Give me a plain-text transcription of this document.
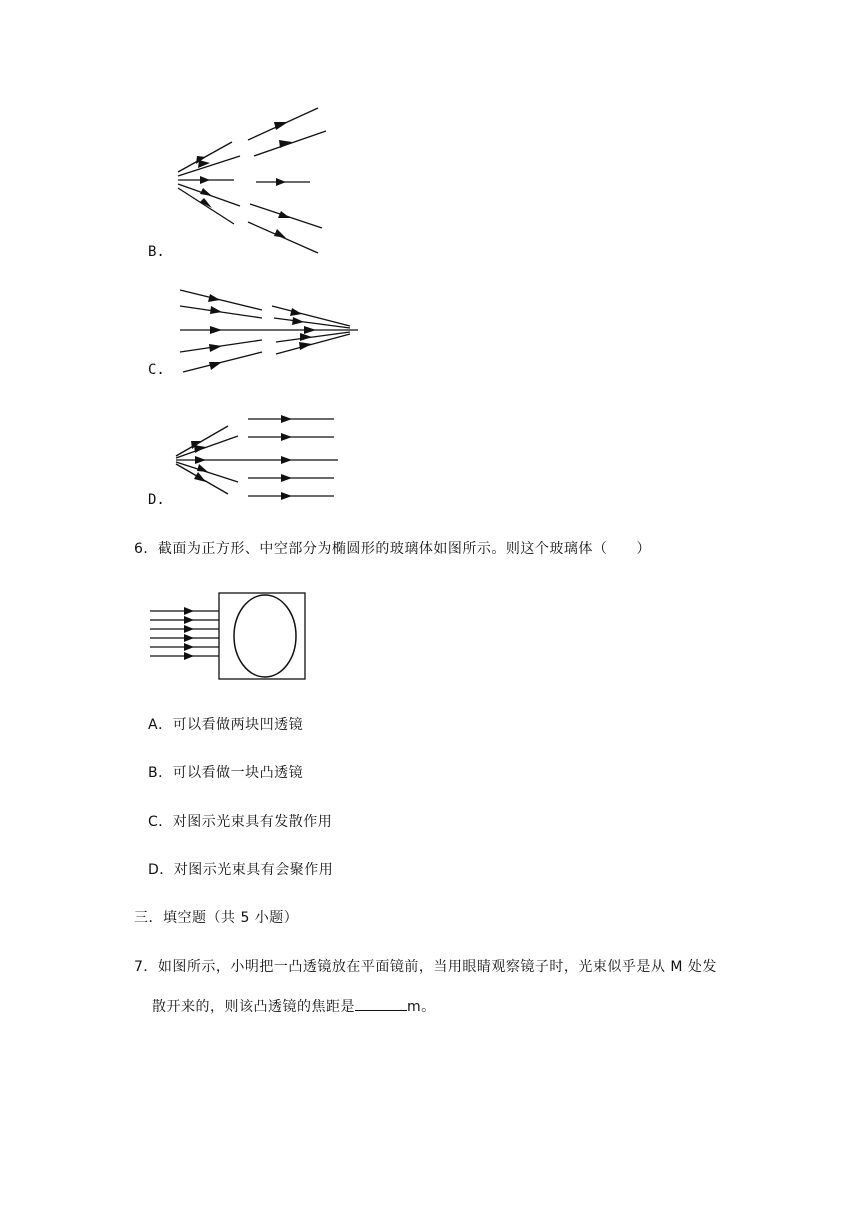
B.
C.
D.
6．截面为正方形、中空部分为椭圆形的玻璃体如图所示。则这个玻璃体（　　）
A．可以看做两块凹透镜
B．可以看做一块凸透镜
C．对图示光束具有发散作用
D．对图示光束具有会聚作用
三．填空题（共 5 小题）
7．如图所示，小明把一凸透镜放在平面镜前，当用眼睛观察镜子时，光束似乎是从 M 处发
散开来的，则该凸透镜的焦距是	m。
